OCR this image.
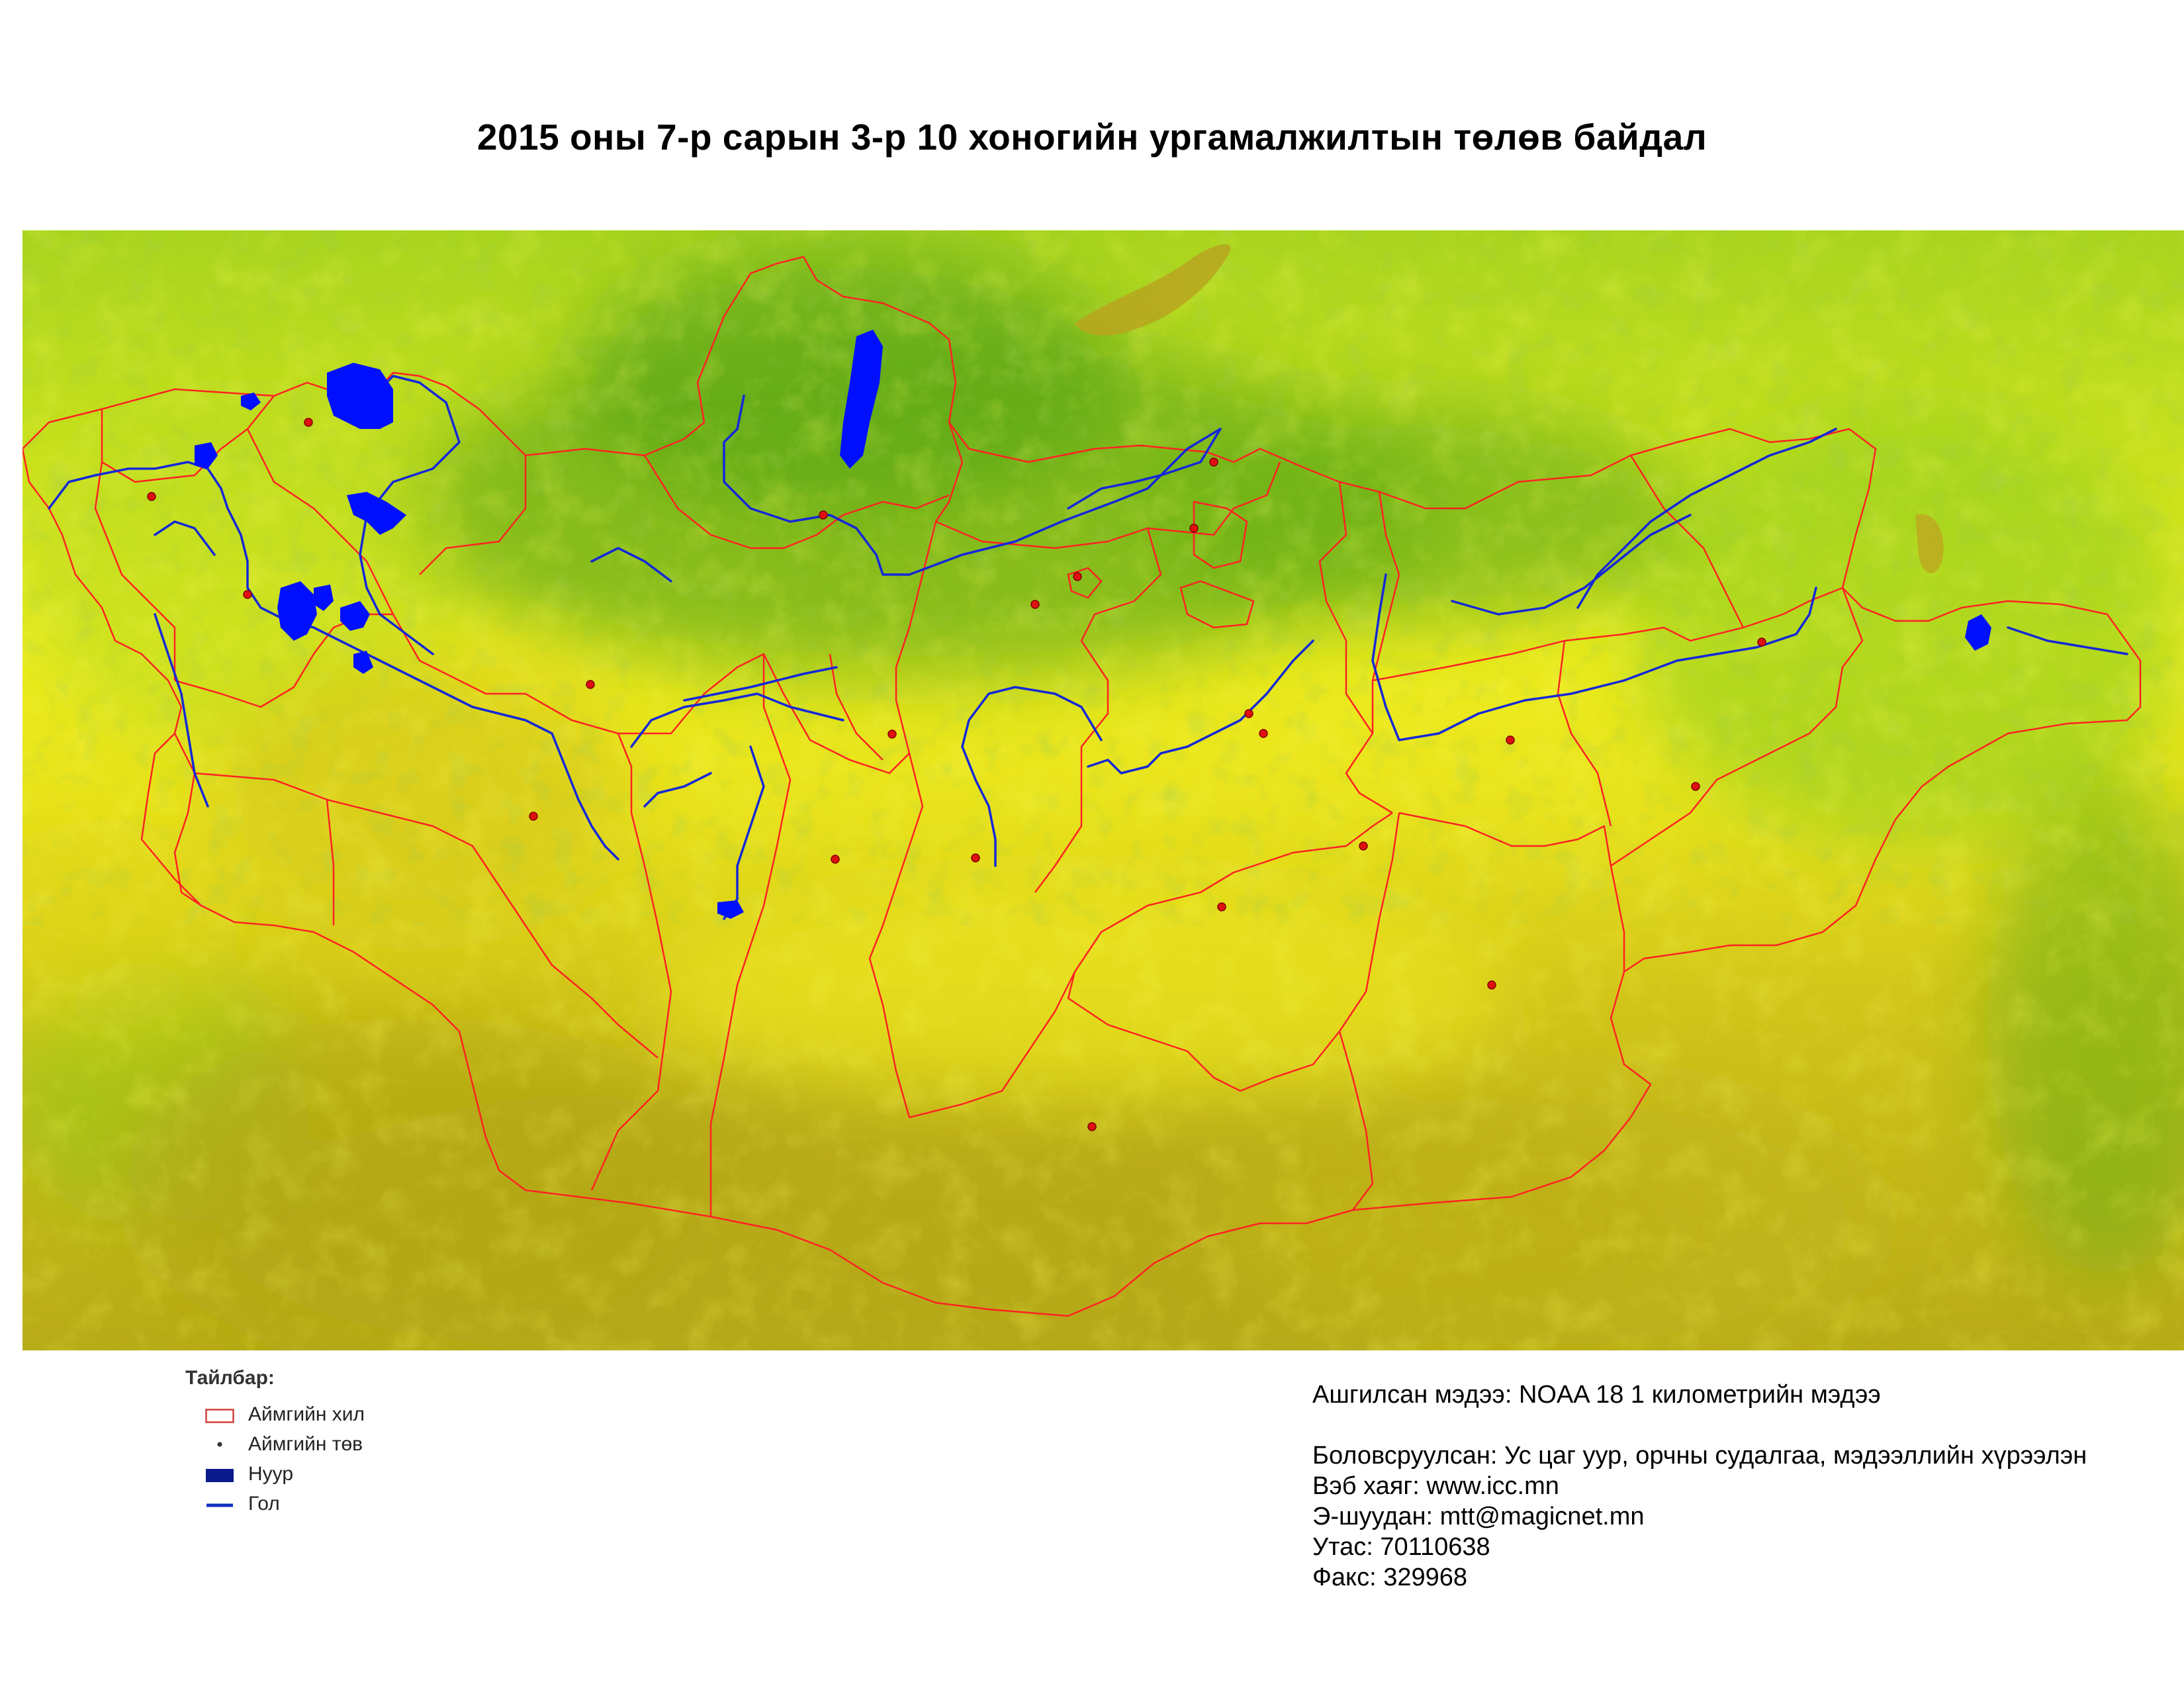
2015 оны 7-р сарын 3-р 10 хоногийн ургамалжилтын төлөв байдал
Тайлбар:
Аймгийн хил
Аймгийн төв
Нуур
Гол
Ашгилсан мэдээ: NOAA 18 1 километрийн мэдээ
Боловсруулсан: Ус цаг уур, орчны судалгаа, мэдээллийн хүрээлэн
Вэб хаяг: www.icc.mn
Э-шуудан: mtt@magicnet.mn
Утас: 70110638
Факс: 329968
